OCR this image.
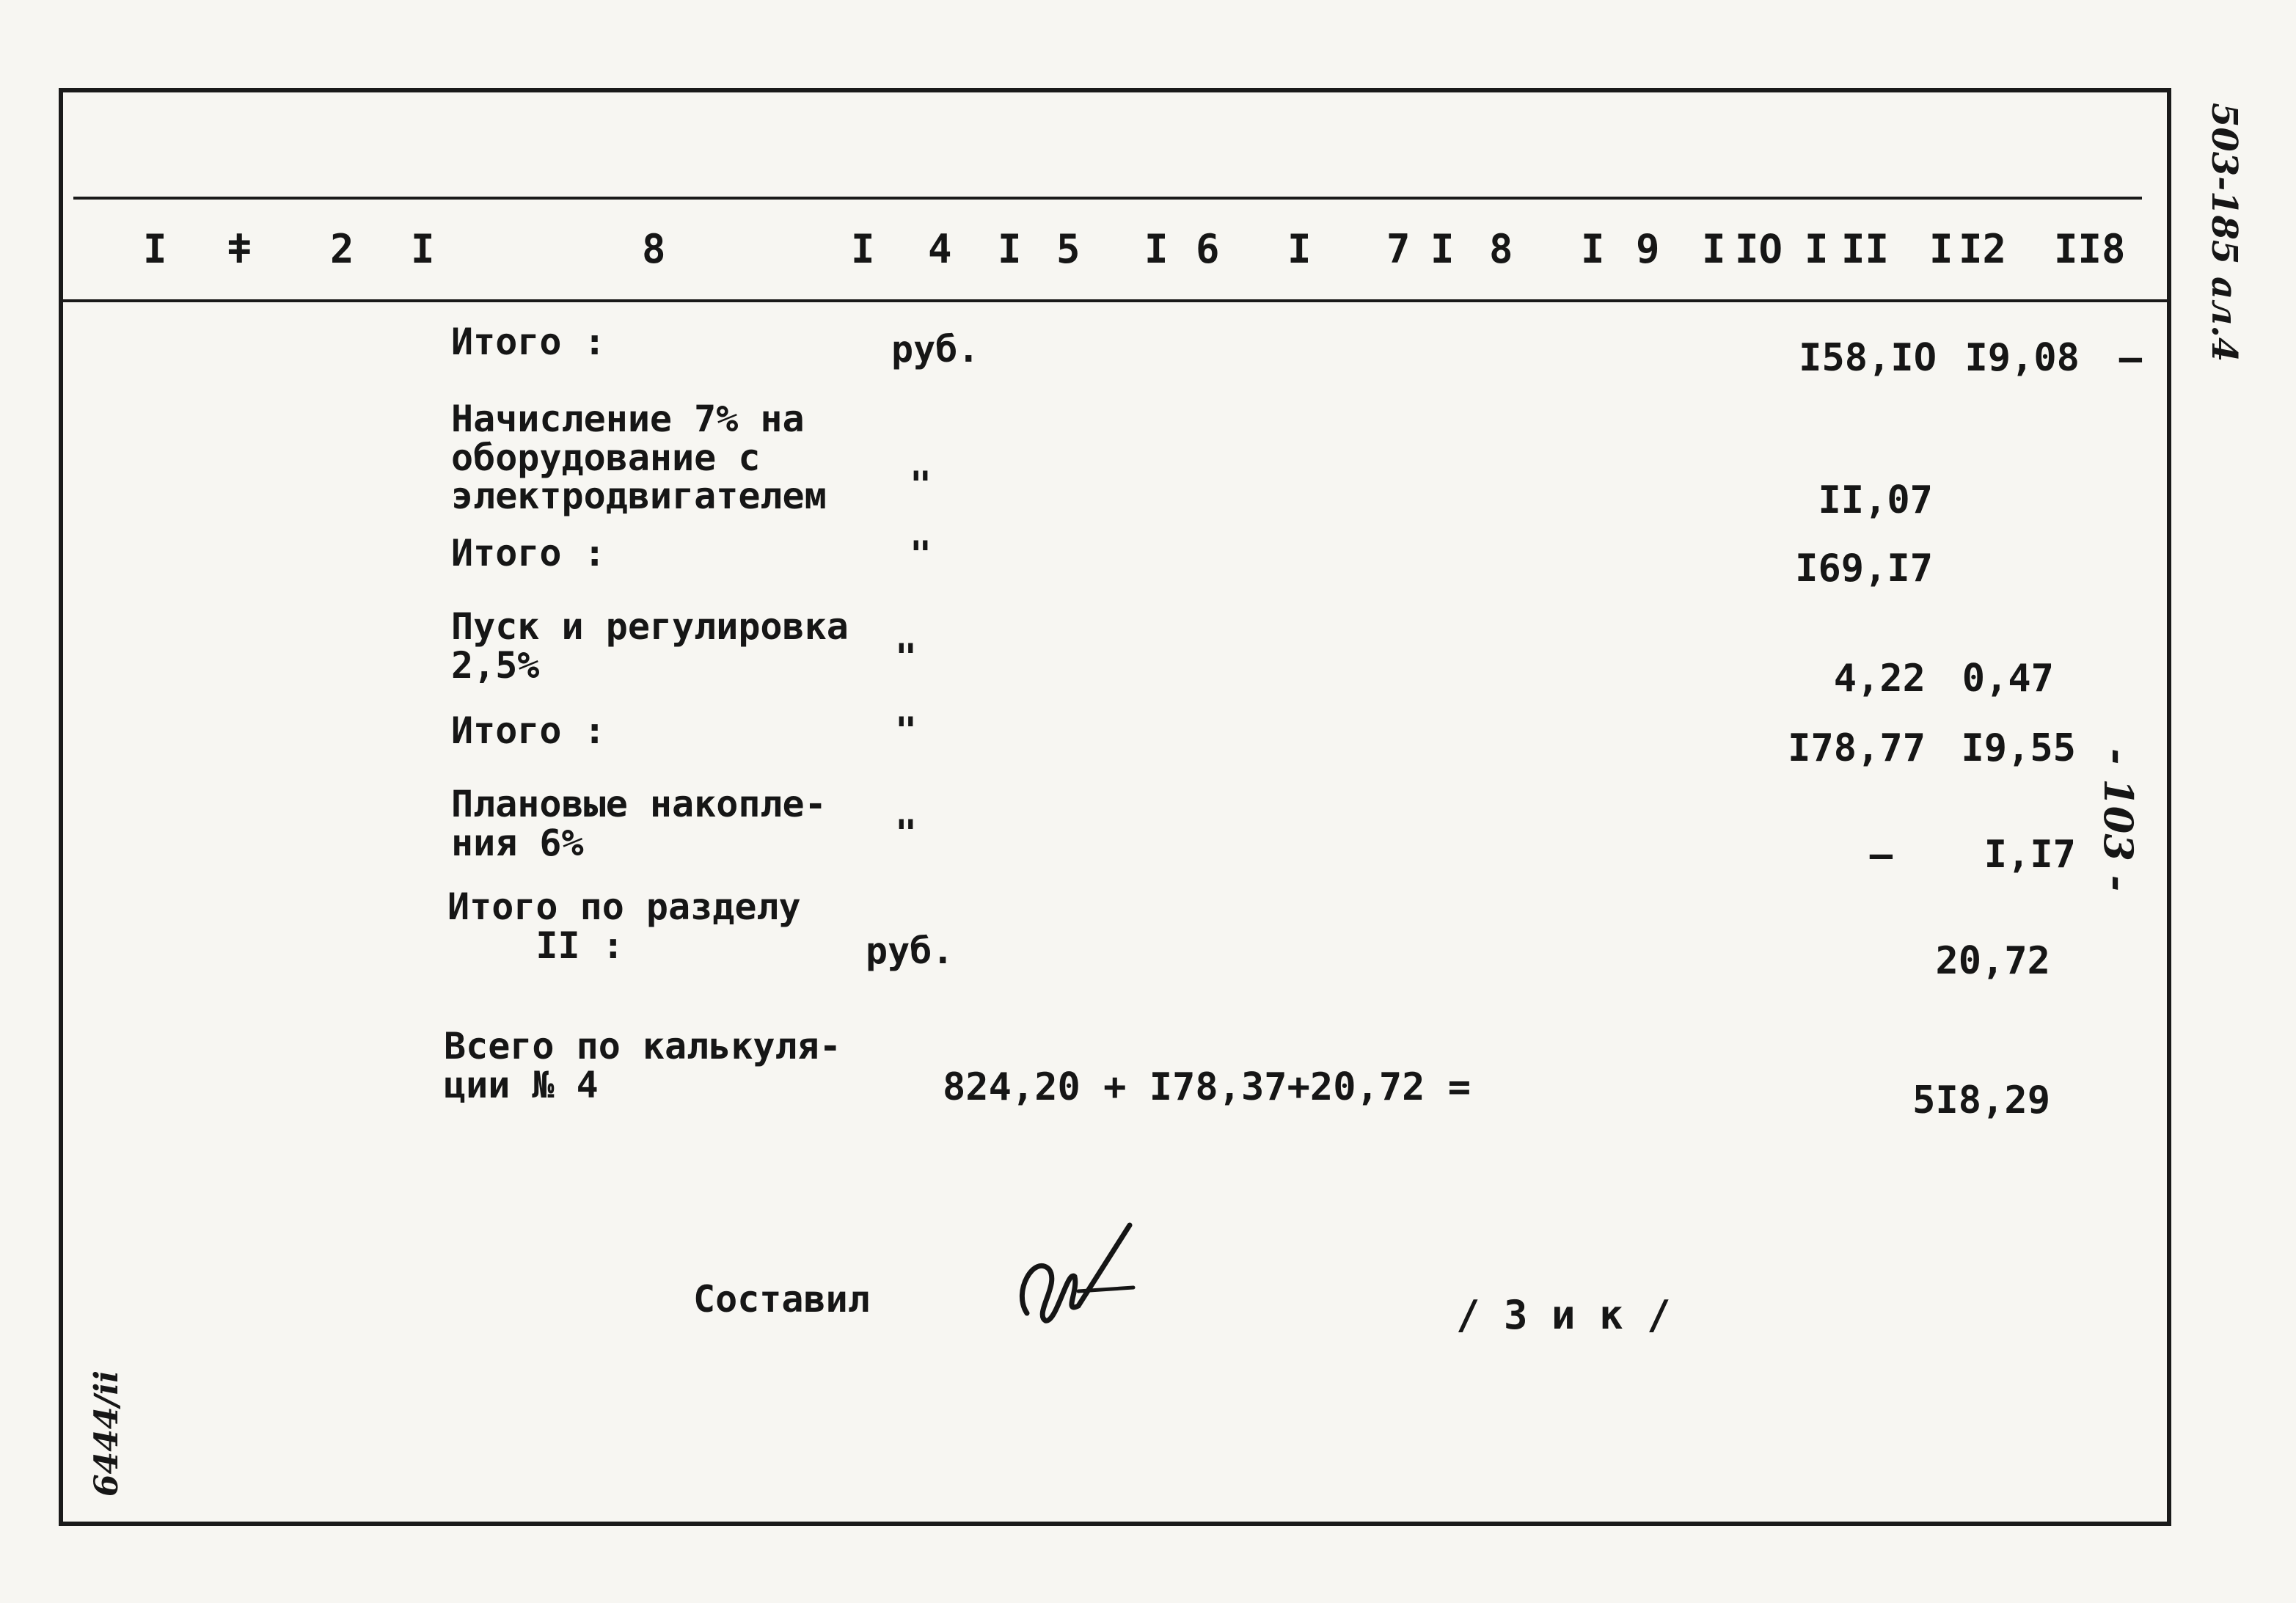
I ǂ 2 I	8	I 4 I 5 I 6 I 7 I 8 I 9 I IO I II I I2 II8
Итого :	руб.	I58,IO I9,08 –
Начисление 7% на
оборудование с
электродвигателем "	II,07
Итого :	"	I69,I7
Пуск и регулировка
2,5%	"	4,22 0,47
Итого :	"	I78,77 I9,55
Плановые накопле-
ния 6%	"	–	I,I7
Итого по разделу
II :	руб.	20,72
Всего по калькуля-
ции № 4	824,20 + I78,37+20,72 =	5I8,29
Составил	/ З и к /
503-185 ал.4
- 103 -
6444/ii
